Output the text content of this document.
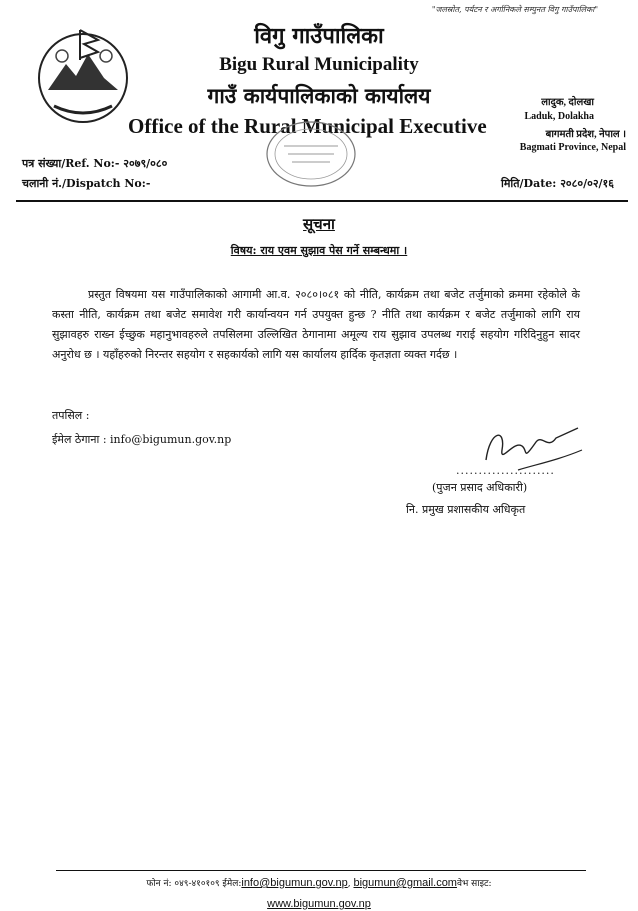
"जलस्रोत, पर्यटन र अर्गानिकले सम्पुनत विगु गाउँपालिका"
विगु गाउँपालिका
Bigu Rural Municipality
गाउँ कार्यपालिकाको कार्यालय
Office of the Rural Municipal Executive
लादुक, दोलखा
Laduk, Dolakha
बागमती प्रदेश, नेपाल ।
Bagmati Province, Nepal
पत्र संख्या/Ref. No:- २०७९/०८०
चलानी नं./Dispatch No:-	मिति/Date: २०८०/०२/१६
सूचना
विषय: राय एवम सुझाव पेस गर्ने सम्बन्धमा ।
प्रस्तुत विषयमा यस गाउँपालिकाको आगामी आ.व. २०८०।०८१ को नीति, कार्यक्रम तथा बजेट तर्जुमाको क्रममा रहेकोले के कस्ता नीति, कार्यक्रम तथा बजेट समावेश गरी कार्यान्वयन गर्न उपयुक्त हुन्छ ? नीति तथा कार्यक्रम र बजेट तर्जुमाको लागि राय सुझावहरु राख्न ईच्छुक महानुभावहरुले तपसिलमा उल्लिखित ठेगानामा अमूल्य राय सुझाव उपलब्ध गराई सहयोग गरिदिनुहुन सादर अनुरोध छ । यहाँहरुको निरन्तर सहयोग र सहकार्यको लागि यस कार्यालय हार्दिक कृतज्ञता व्यक्त गर्दछ ।
तपसिल :
ईमेल ठेगाना : info@bigumun.gov.np
......................
(पुजन प्रसाद अधिकारी)
नि. प्रमुख प्रशासकीय अधिकृत
फोन नं: ०४९-४१०१०९ ईमेल:info@bigumun.gov.np, bigumun@gmail.comवेभ साइट:
www.bigumun.gov.np
